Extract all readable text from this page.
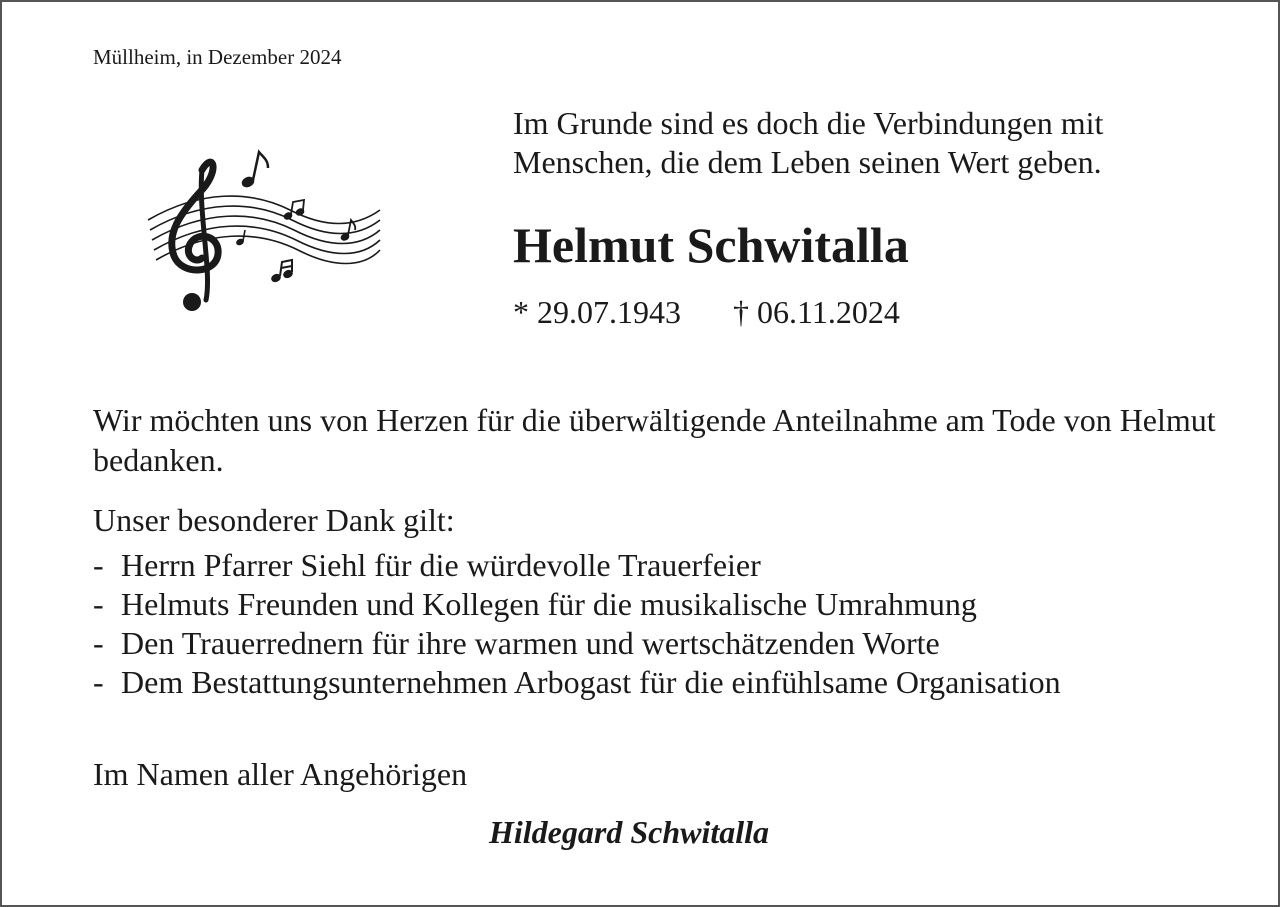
Müllheim, in Dezember 2024
Im Grunde sind es doch die Verbindungen mit
Menschen, die dem Leben seinen Wert geben.
Helmut Schwitalla
* 29.07.1943 † 06.11.2024

Wir möchten uns von Herzen für die überwältigende Anteilnahme am Tode von Helmut bedanken.

Unser besonderer Dank gilt:

- Herrn Pfarrer Siehl für die würdevolle Trauerfeier
- Helmuts Freunden und Kollegen für die musikalische Umrahmung
- Den Trauerrednern für ihre warmen und wertschätzenden Worte
- Dem Bestattungsunternehmen Arbogast für die einfühlsame Organisation
Im Namen aller Angehörigen
Hildegard Schwitalla
